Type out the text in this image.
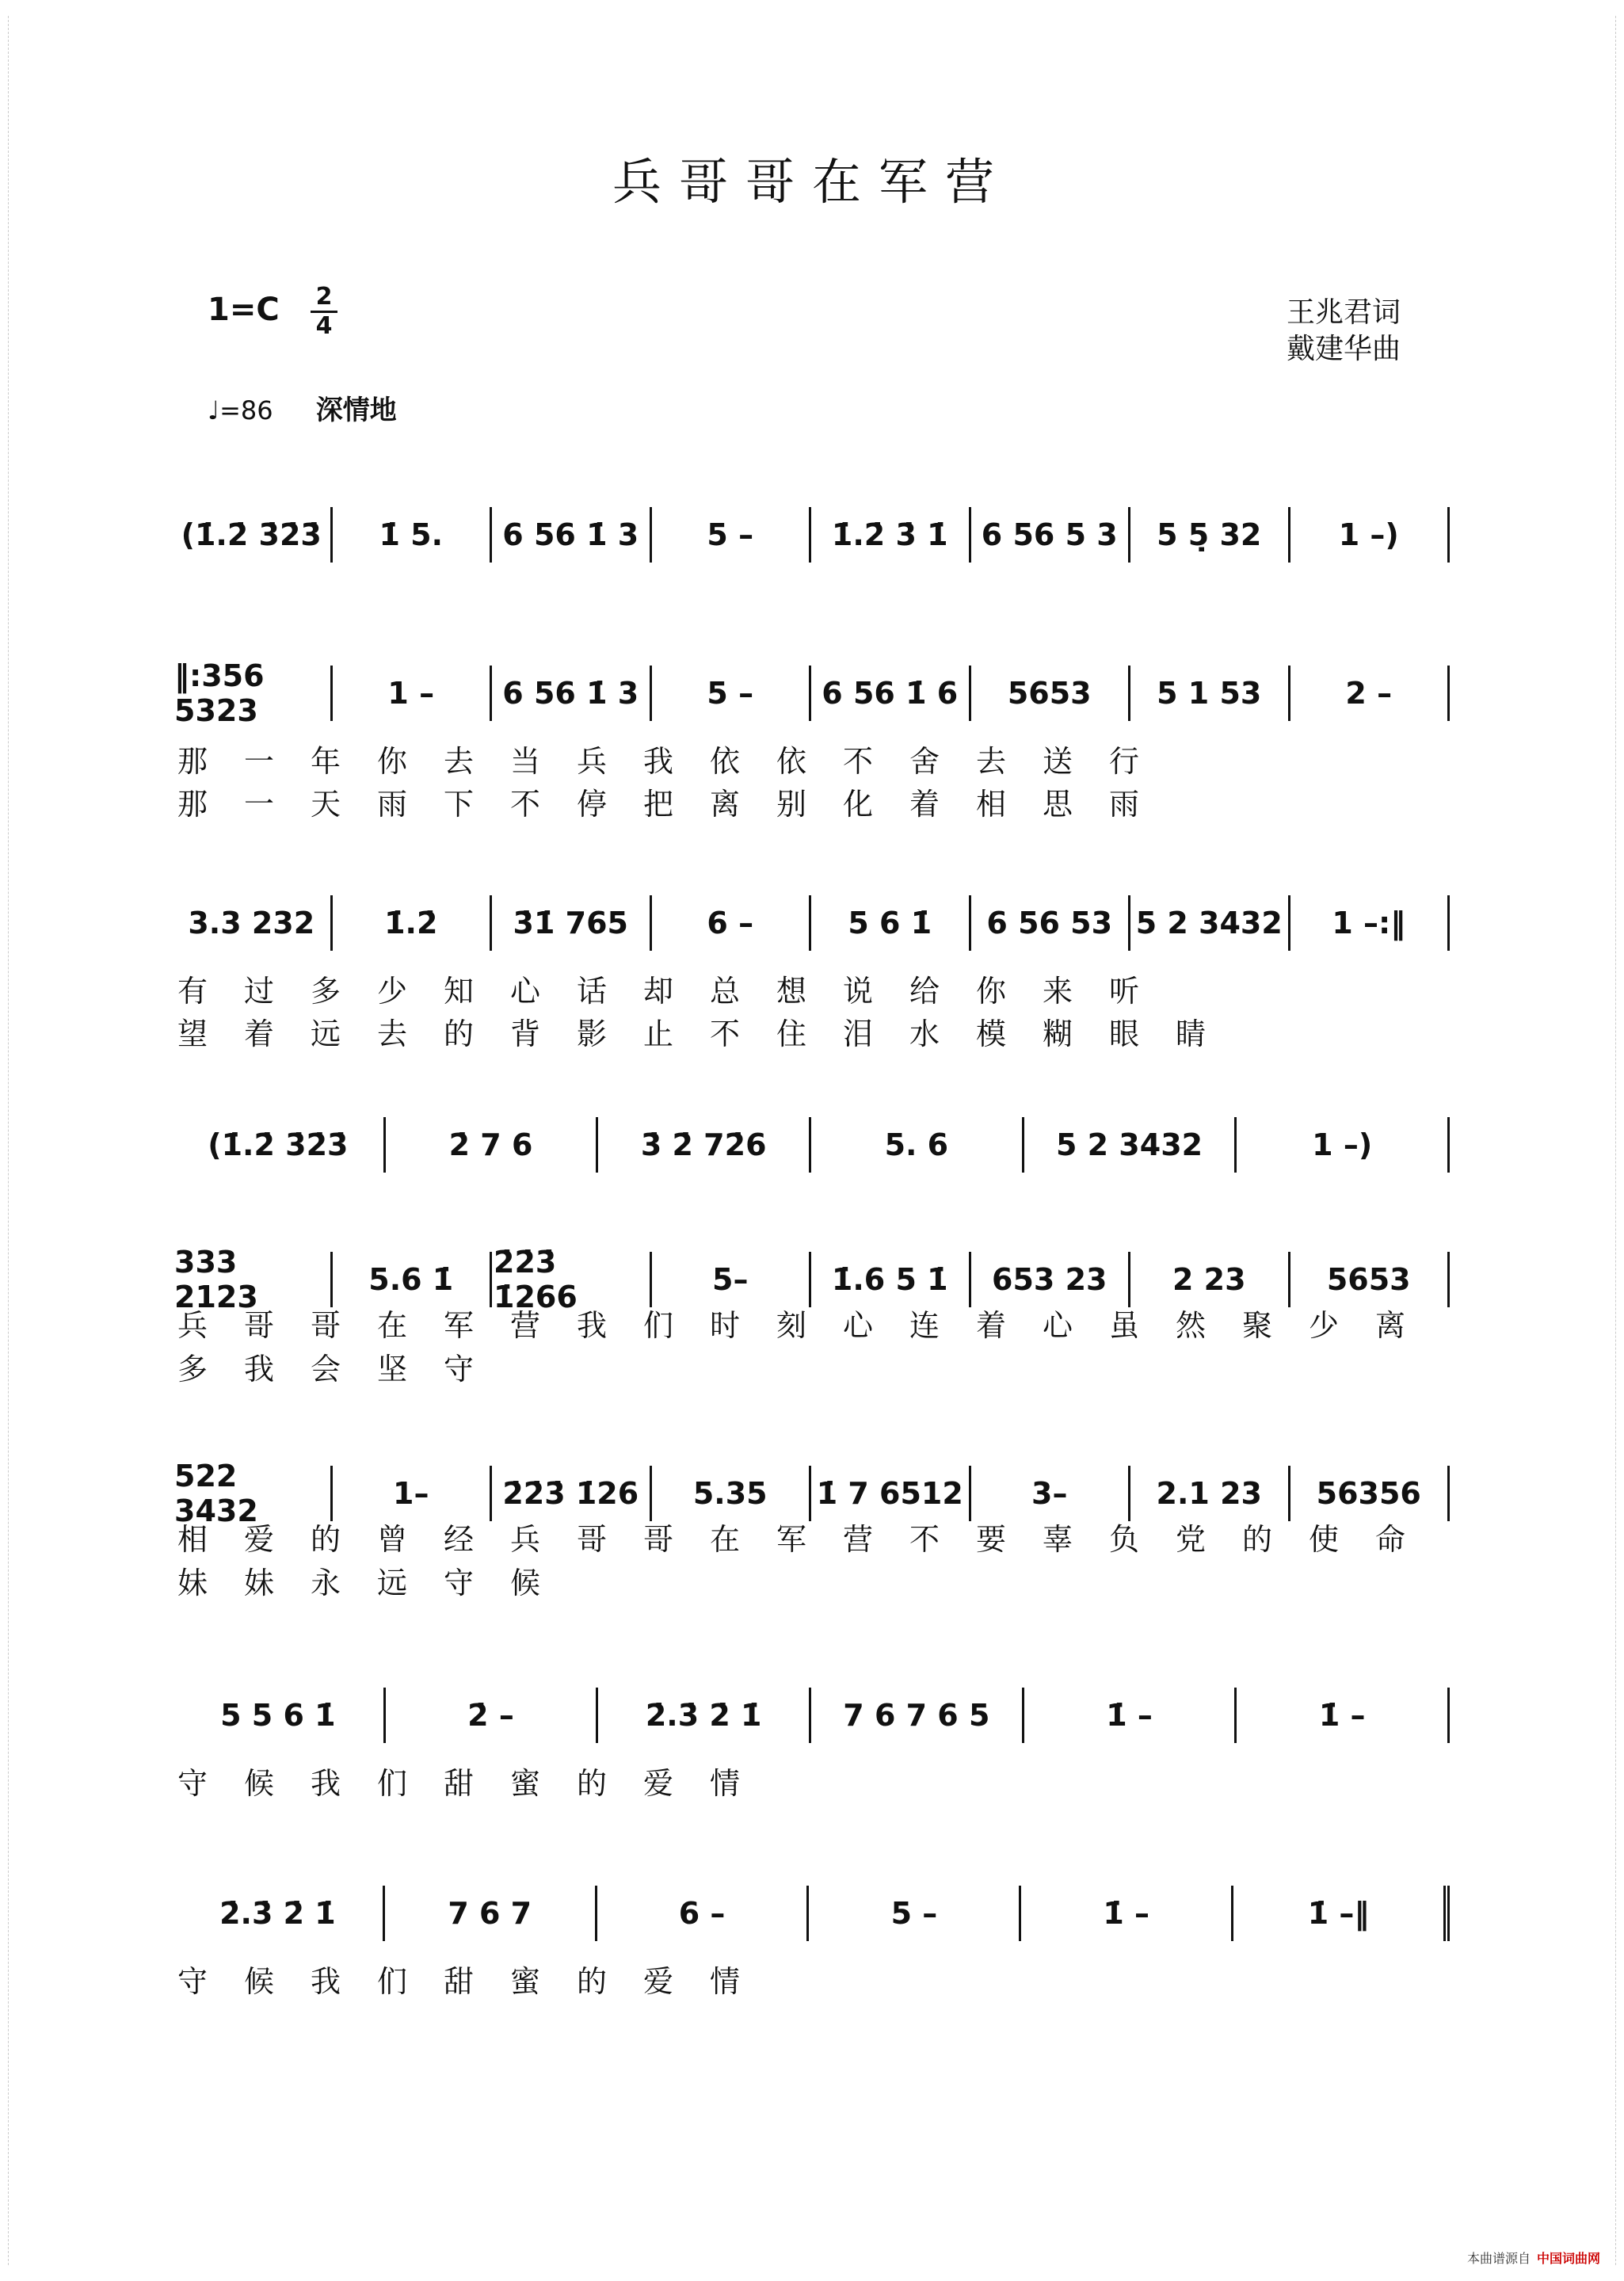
兵哥哥在军营
1=C 2
4	王兆君词
戴建华曲
♩=86 深情地
(1̇.2̇ 3̇2̇3̇ 1̇ 5. 6 56 1̇ 3 5 –	1̇.2̇ 3̇ 1̇ 6 56 5 3 5 5̣ 32	1 –)
‖:356 5323	1 – 6 56 1̇ 3 5 – 6 56 1̇ 6 5653 5 1 53	2 –
那一年你去当兵我依依不舍去送行
那一天雨下不停把离别化着相思雨
3.3 232 1̇.2̇	3̇1̇ 765	6 –	5 6 1̇ 6 56 53 5 2 3432 1 –:‖
有过多少知心话却总想说给你来听
望着远去的背影止不住泪水模糊眼睛
(1̇.2̇ 3̇2̇3̇	2̇ 7 6	3̇ 2̇ 72̇6	5. 6	5 2 3432	1 –)
333 2123	5.6 1̇ 2̇2̇3̇ 1̇266	5–	1̇.6 5 1̇ 653 23 2 23	5653
兵哥哥在军营我们时刻心连着心虽然聚少离多我会坚守
522 3432	1– 2̇2̇3̇ 1̇26 5.35 1̇ 7 6512 3–	2.1 23 56356
相爱的曾经兵哥哥在军营不要辜负党的使命妹妹永远守候
5 5 6 1̇	2̇ –	2̇.3̇ 2̇ 1̇	7 6 7 6 5	1̇ –	1̇ –
守候我们甜蜜的爱情
2̇.3̇ 2̇ 1̇	7 6 7	6 –	5 –	1̇ –	1̇ –‖
守候我们甜蜜的爱情
本曲谱源自 中国词曲网
